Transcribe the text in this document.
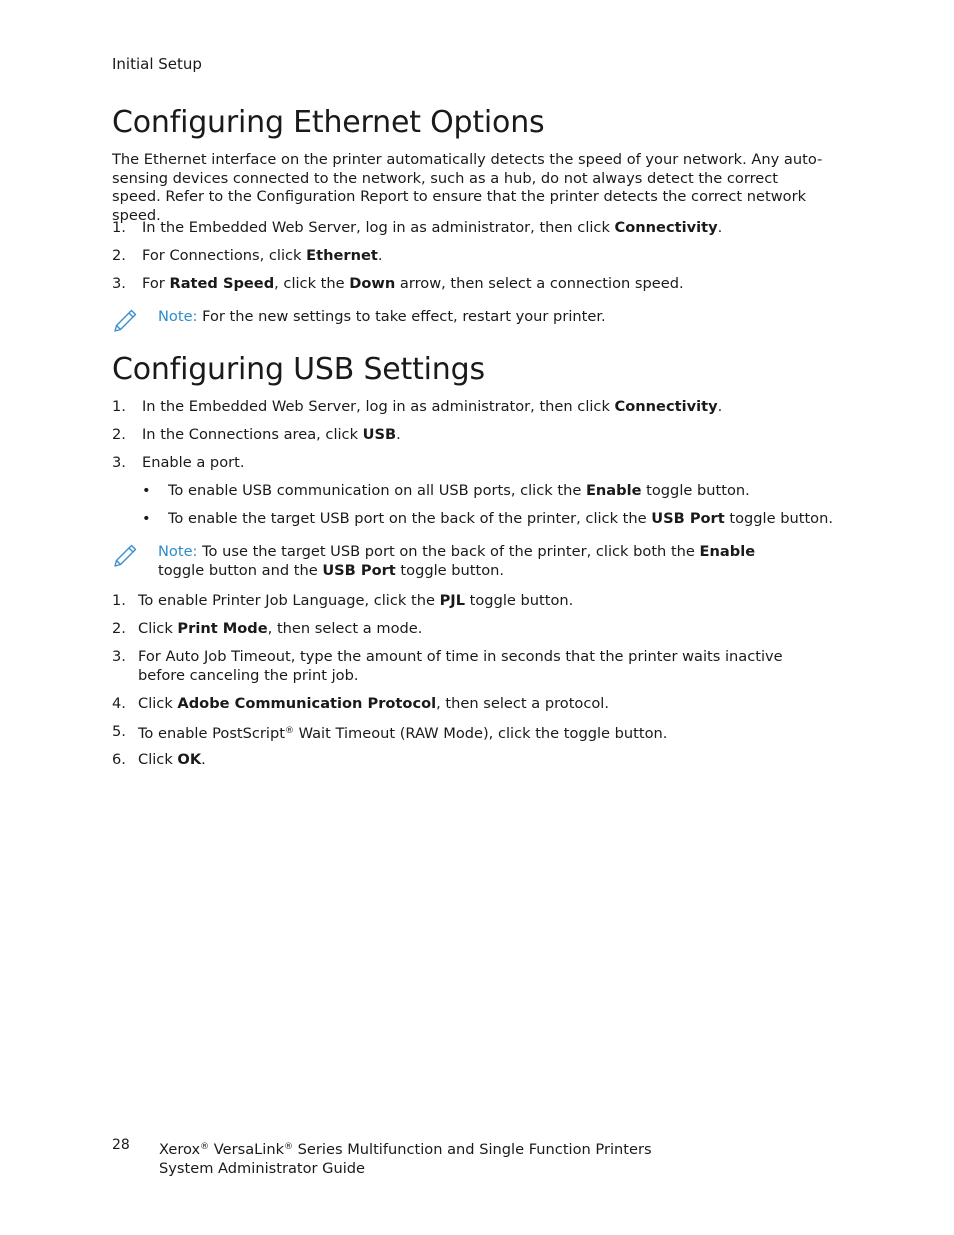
Initial Setup
Configuring Ethernet Options

The Ethernet interface on the printer automatically detects the speed of your network. Any auto-sensing devices connected to the network, such as a hub, do not always detect the correct speed. Refer to the Configuration Report to ensure that the printer detects the correct network speed.

1. In the Embedded Web Server, log in as administrator, then click Connectivity.
2. For Connections, click Ethernet.
3. For Rated Speed, click the Down arrow, then select a connection speed.
Note: For the new settings to take effect, restart your printer.
Configuring USB Settings
1. In the Embedded Web Server, log in as administrator, then click Connectivity.
2. In the Connections area, click USB.
3. Enable a port.
• To enable USB communication on all USB ports, click the Enable toggle button.
• To enable the target USB port on the back of the printer, click the USB Port toggle button.
Note: To use the target USB port on the back of the printer, click both the Enable toggle button and the USB Port toggle button.
1. To enable Printer Job Language, click the PJL toggle button.
2. Click Print Mode, then select a mode.
3. For Auto Job Timeout, type the amount of time in seconds that the printer waits inactive before canceling the print job.
4. Click Adobe Communication Protocol, then select a protocol.
5. To enable PostScript® Wait Timeout (RAW Mode), click the toggle button.
6. Click OK.
28 Xerox® VersaLink® Series Multifunction and Single Function Printers
System Administrator Guide
